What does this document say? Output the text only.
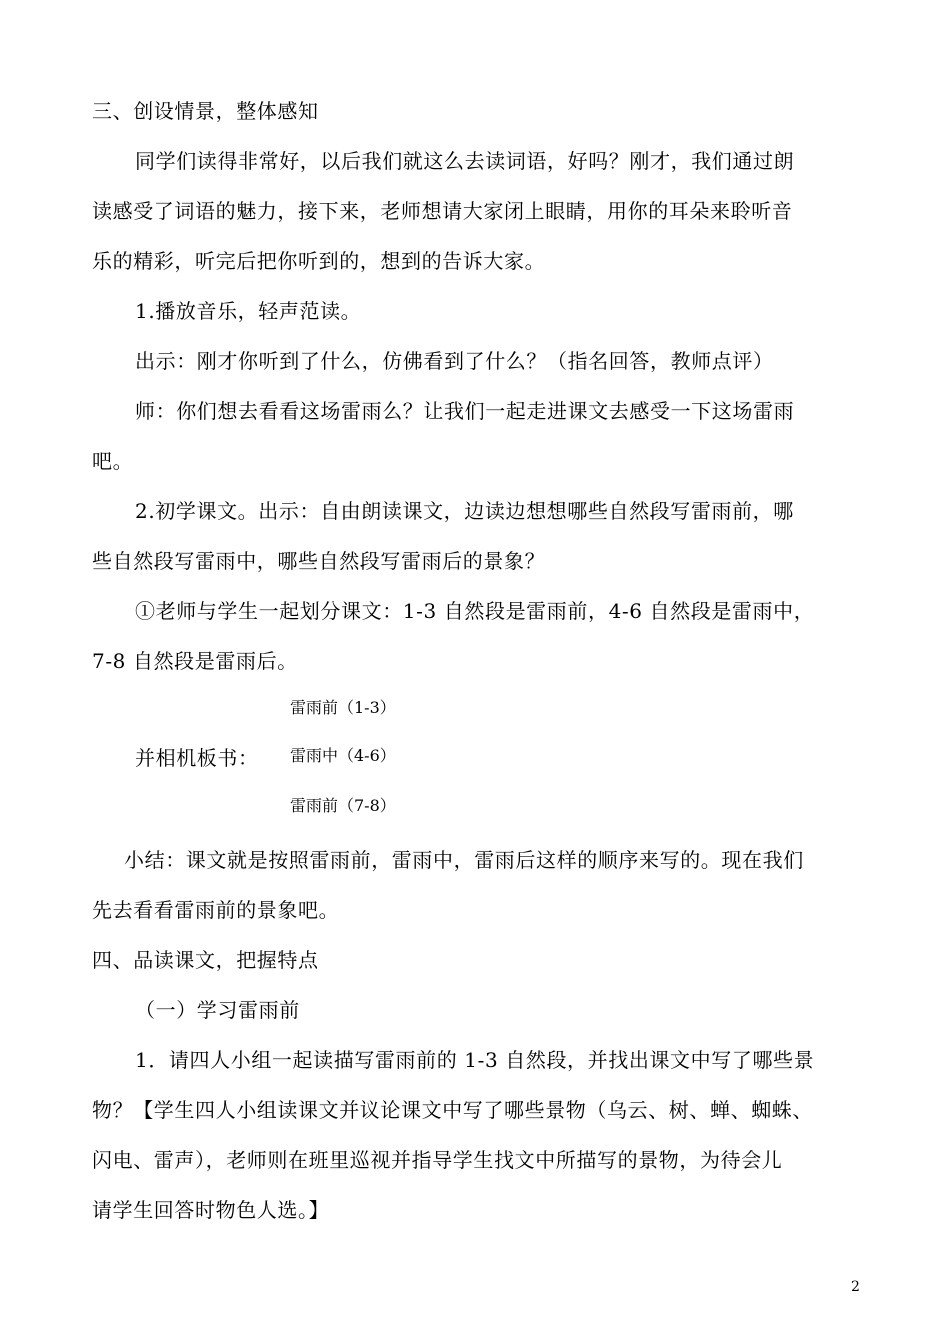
三、创设情景，整体感知
同学们读得非常好，以后我们就这么去读词语，好吗？刚才，我们通过朗
读感受了词语的魅力，接下来，老师想请大家闭上眼睛，用你的耳朵来聆听音
乐的精彩，听完后把你听到的，想到的告诉大家。
1.播放音乐，轻声范读。
出示：刚才你听到了什么，仿佛看到了什么？（指名回答，教师点评）
师：你们想去看看这场雷雨么？让我们一起走进课文去感受一下这场雷雨
吧。
2.初学课文。出示：自由朗读课文，边读边想想哪些自然段写雷雨前，哪
些自然段写雷雨中，哪些自然段写雷雨后的景象？
①老师与学生一起划分课文：1-3 自然段是雷雨前，4-6 自然段是雷雨中，
7-8 自然段是雷雨后。
雷雨前（1-3）
并相机板书： 雷雨中（4-6）
雷雨前（7-8）
小结：课文就是按照雷雨前，雷雨中，雷雨后这样的顺序来写的。现在我们
先去看看雷雨前的景象吧。
四、品读课文，把握特点
（一）学习雷雨前
1．请四人小组一起读描写雷雨前的 1-3 自然段，并找出课文中写了哪些景
物？【学生四人小组读课文并议论课文中写了哪些景物（乌云、树、蝉、蜘蛛、
闪电、雷声），老师则在班里巡视并指导学生找文中所描写的景物，为待会儿
请学生回答时物色人选。】
2
